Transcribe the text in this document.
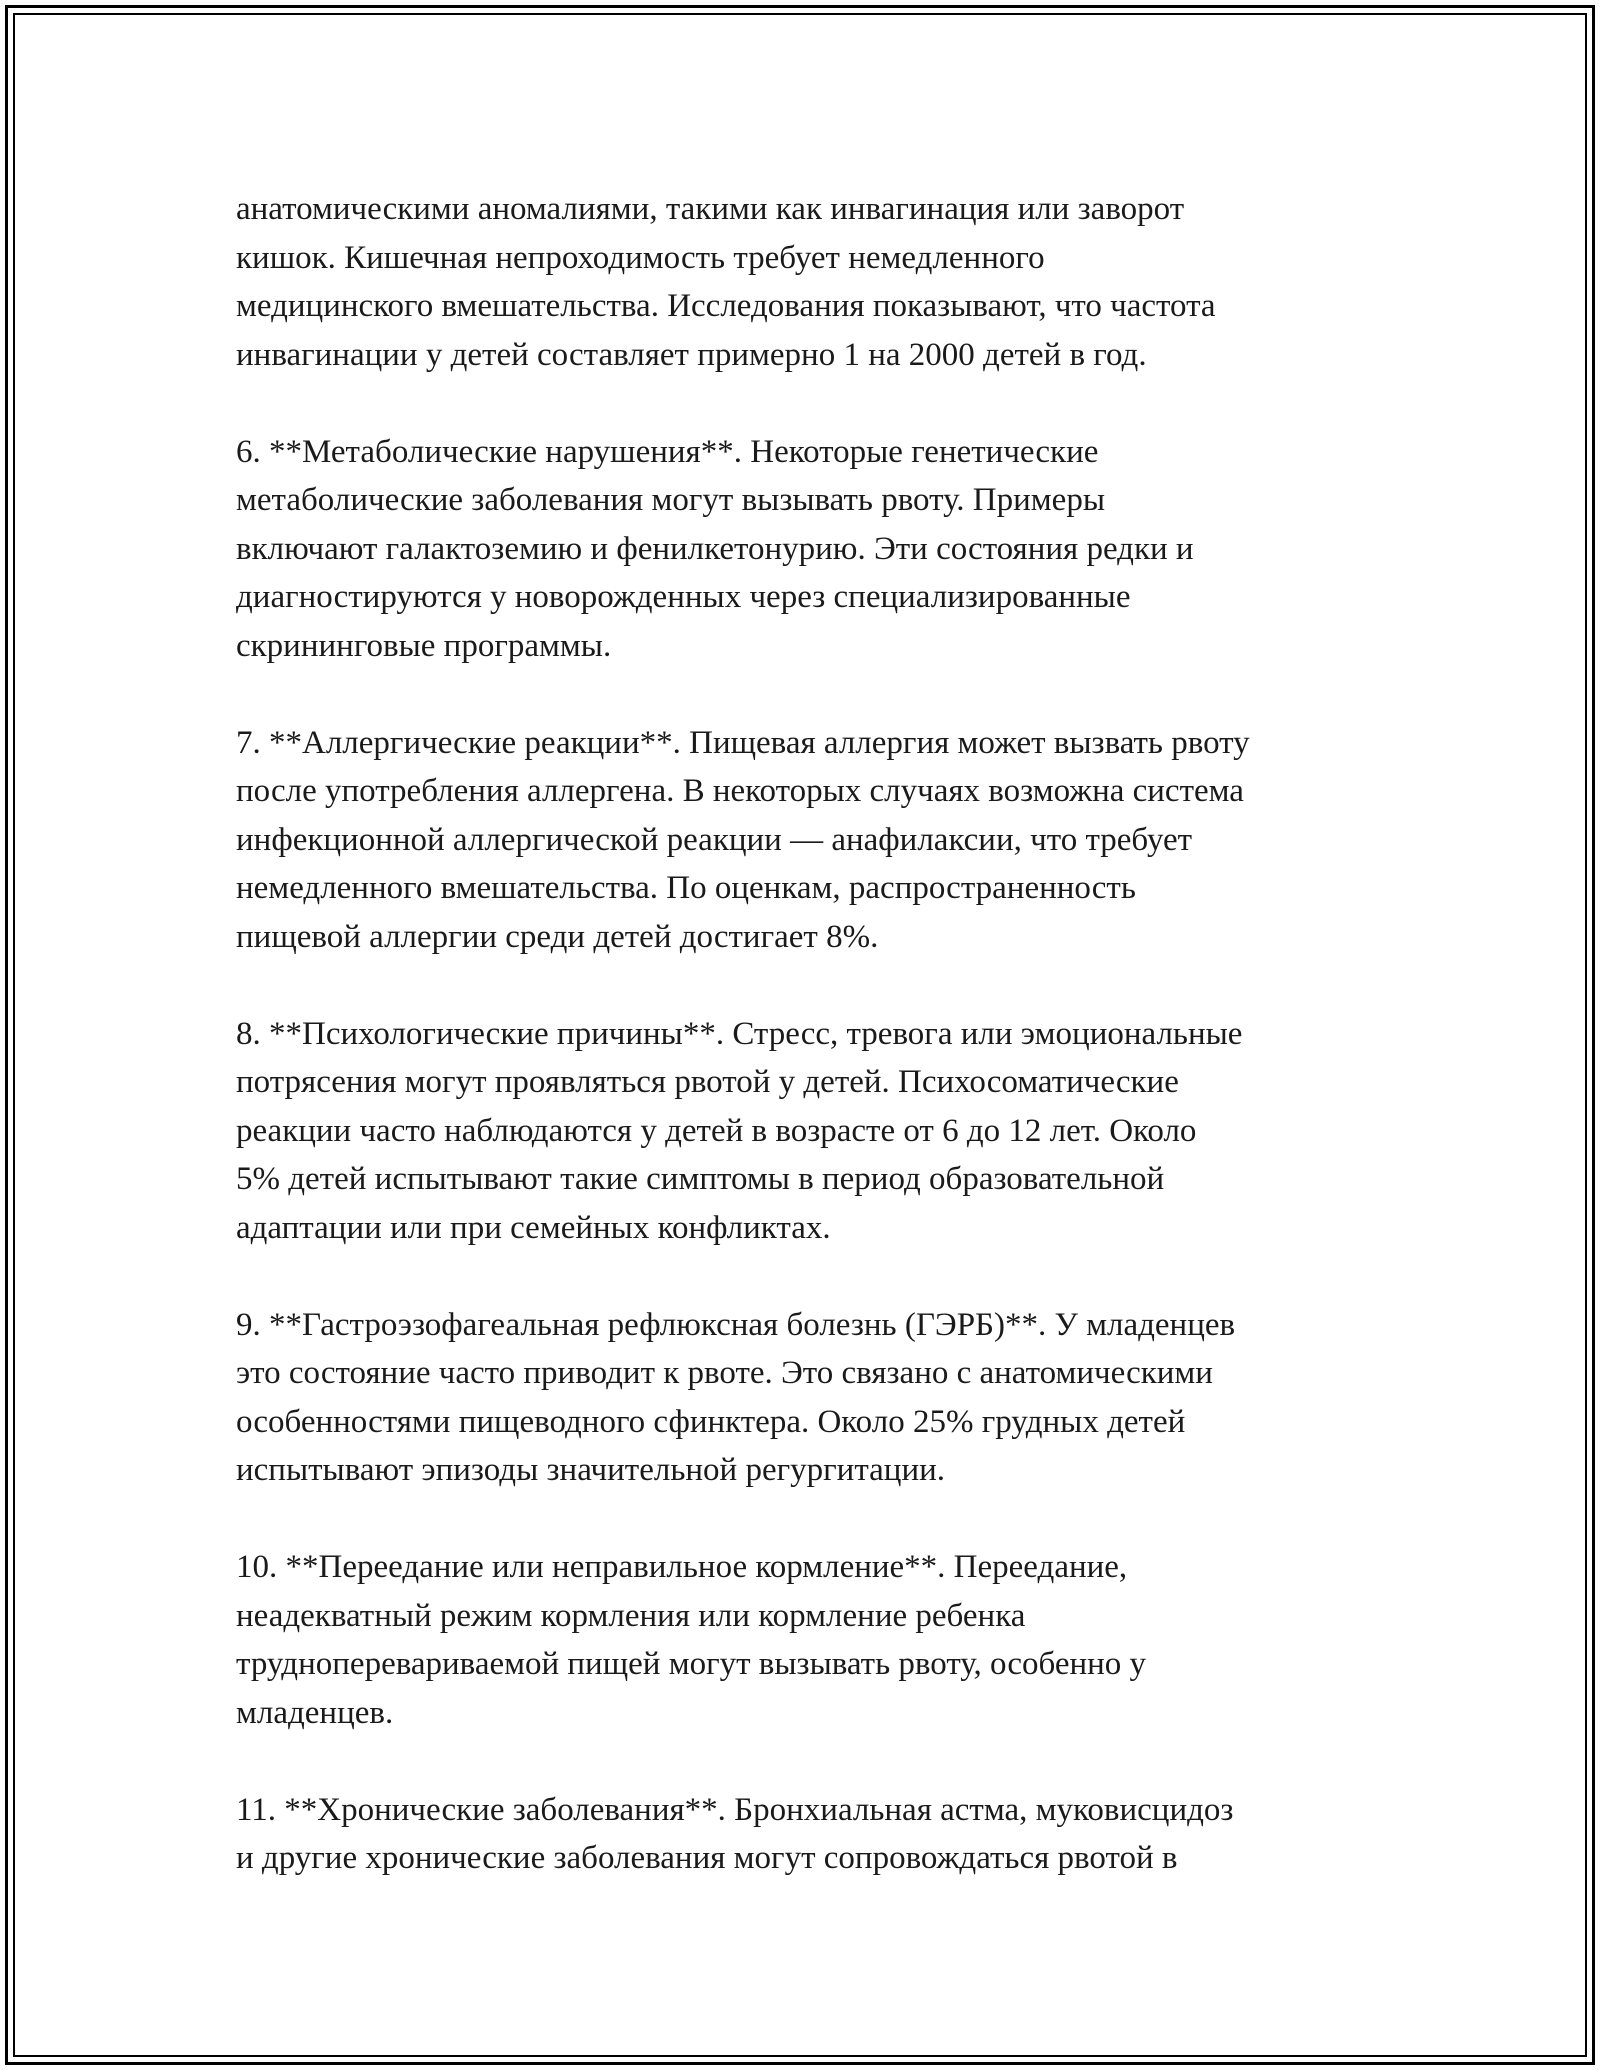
анатомическими аномалиями, такими как инвагинация или заворот
кишок. Кишечная непроходимость требует немедленного
медицинского вмешательства. Исследования показывают, что частота
инвагинации у детей составляет примерно 1 на 2000 детей в год.

6. **Метаболические нарушения**. Некоторые генетические
метаболические заболевания могут вызывать рвоту. Примеры
включают галактоземию и фенилкетонурию. Эти состояния редки и
диагностируются у новорожденных через специализированные
скрининговые программы.

7. **Аллергические реакции**. Пищевая аллергия может вызвать рвоту
после употребления аллергена. В некоторых случаях возможна система
инфекционной аллергической реакции — анафилаксии, что требует
немедленного вмешательства. По оценкам, распространенность
пищевой аллергии среди детей достигает 8%.

8. **Психологические причины**. Стресс, тревога или эмоциональные
потрясения могут проявляться рвотой у детей. Психосоматические
реакции часто наблюдаются у детей в возрасте от 6 до 12 лет. Около
5% детей испытывают такие симптомы в период образовательной
адаптации или при семейных конфликтах.

9. **Гастроэзофагеальная рефлюксная болезнь (ГЭРБ)**. У младенцев
это состояние часто приводит к рвоте. Это связано с анатомическими
особенностями пищеводного сфинктера. Около 25% грудных детей
испытывают эпизоды значительной регургитации.

10. **Переедание или неправильное кормление**. Переедание,
неадекватный режим кормления или кормление ребенка
трудноперевариваемой пищей могут вызывать рвоту, особенно у
младенцев.

11. **Хронические заболевания**. Бронхиальная астма, муковисцидоз
и другие хронические заболевания могут сопровождаться рвотой в
